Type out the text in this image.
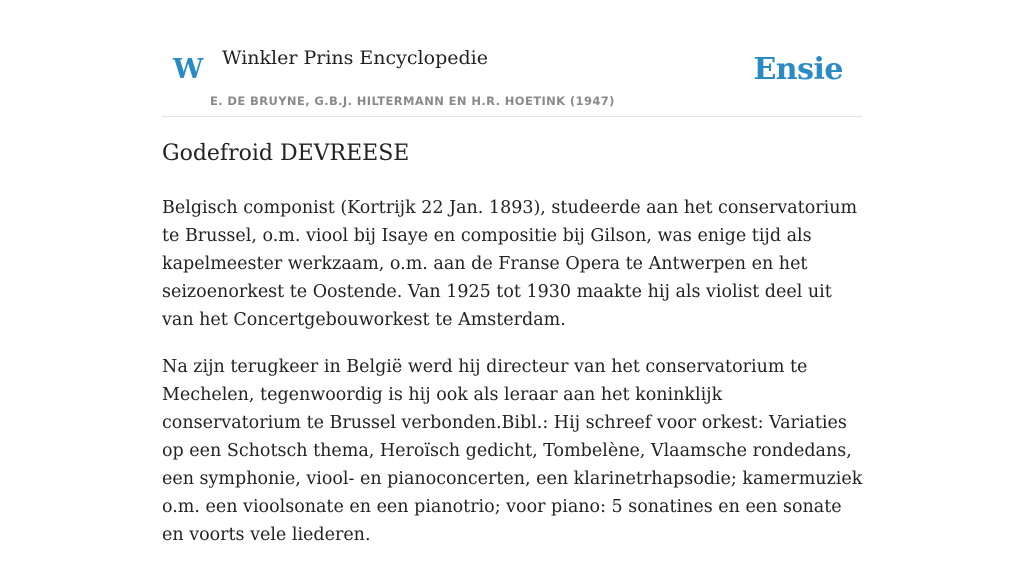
W Winkler Prins Encyclopedie
E. DE BRUYNE, G.B.J. HILTERMANN EN H.R. HOETINK (1947)
Ensie
Godefroid DEVREESE

Belgisch componist (Kortrijk 22 Jan. 1893), studeerde aan het conservatorium te Brussel, o.m. viool bij Isaye en compositie bij Gilson, was enige tijd als kapelmeester werkzaam, o.m. aan de Franse Opera te Antwerpen en het seizoenorkest te Oostende. Van 1925 tot 1930 maakte hij als violist deel uit van het Concertgebouworkest te Amsterdam.

Na zijn terugkeer in België werd hij directeur van het conservatorium te Mechelen, tegenwoordig is hij ook als leraar aan het koninklijk conservatorium te Brussel verbonden.Bibl.: Hij schreef voor orkest: Variaties op een Schotsch thema, Heroïsch gedicht, Tombelène, Vlaamsche rondedans, een symphonie, viool- en pianoconcerten, een klarinetrhapsodie; kamermuziek o.m. een vioolsonate en een pianotrio; voor piano: 5 sonatines en een sonate en voorts vele liederen.
